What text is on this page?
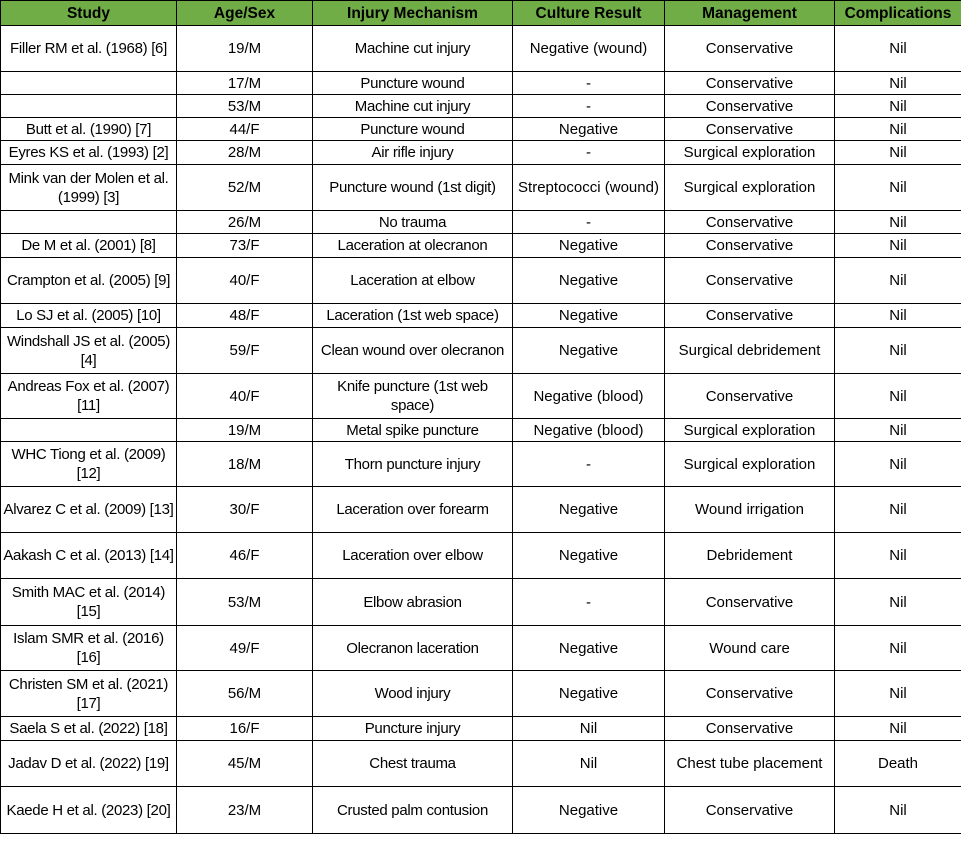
Study	Age/Sex	Injury Mechanism	Culture Result	Management	Complications
Filler RM et al. (1968) [6]	19/M	Machine cut injury	Negative (wound)	Conservative	Nil
	17/M	Puncture wound	-	Conservative	Nil
	53/M	Machine cut injury	-	Conservative	Nil
Butt et al. (1990) [7]	44/F	Puncture wound	Negative	Conservative	Nil
Eyres KS et al. (1993) [2]	28/M	Air rifle injury	-	Surgical exploration	Nil
Mink van der Molen et al. (1999) [3]	52/M	Puncture wound (1st digit)	Streptococci (wound)	Surgical exploration	Nil
	26/M	No trauma	-	Conservative	Nil
De M et al. (2001) [8]	73/F	Laceration at olecranon	Negative	Conservative	Nil
Crampton et al. (2005) [9]	40/F	Laceration at elbow	Negative	Conservative	Nil
Lo SJ et al. (2005) [10]	48/F	Laceration (1st web space)	Negative	Conservative	Nil
Windshall JS et al. (2005) [4]	59/F	Clean wound over olecranon	Negative	Surgical debridement	Nil
Andreas Fox et al. (2007) [11]	40/F	Knife puncture (1st web space)	Negative (blood)	Conservative	Nil
	19/M	Metal spike puncture	Negative (blood)	Surgical exploration	Nil
WHC Tiong et al. (2009) [12]	18/M	Thorn puncture injury	-	Surgical exploration	Nil
Alvarez C et al. (2009) [13]	30/F	Laceration over forearm	Negative	Wound irrigation	Nil
Aakash C et al. (2013) [14]	46/F	Laceration over elbow	Negative	Debridement	Nil
Smith MAC et al. (2014) [15]	53/M	Elbow abrasion	-	Conservative	Nil
Islam SMR et al. (2016) [16]	49/F	Olecranon laceration	Negative	Wound care	Nil
Christen SM et al. (2021) [17]	56/M	Wood injury	Negative	Conservative	Nil
Saela S et al. (2022) [18]	16/F	Puncture injury	Nil	Conservative	Nil
Jadav D et al. (2022) [19]	45/M	Chest trauma	Nil	Chest tube placement	Death
Kaede H et al. (2023) [20]	23/M	Crusted palm contusion	Negative	Conservative	Nil
